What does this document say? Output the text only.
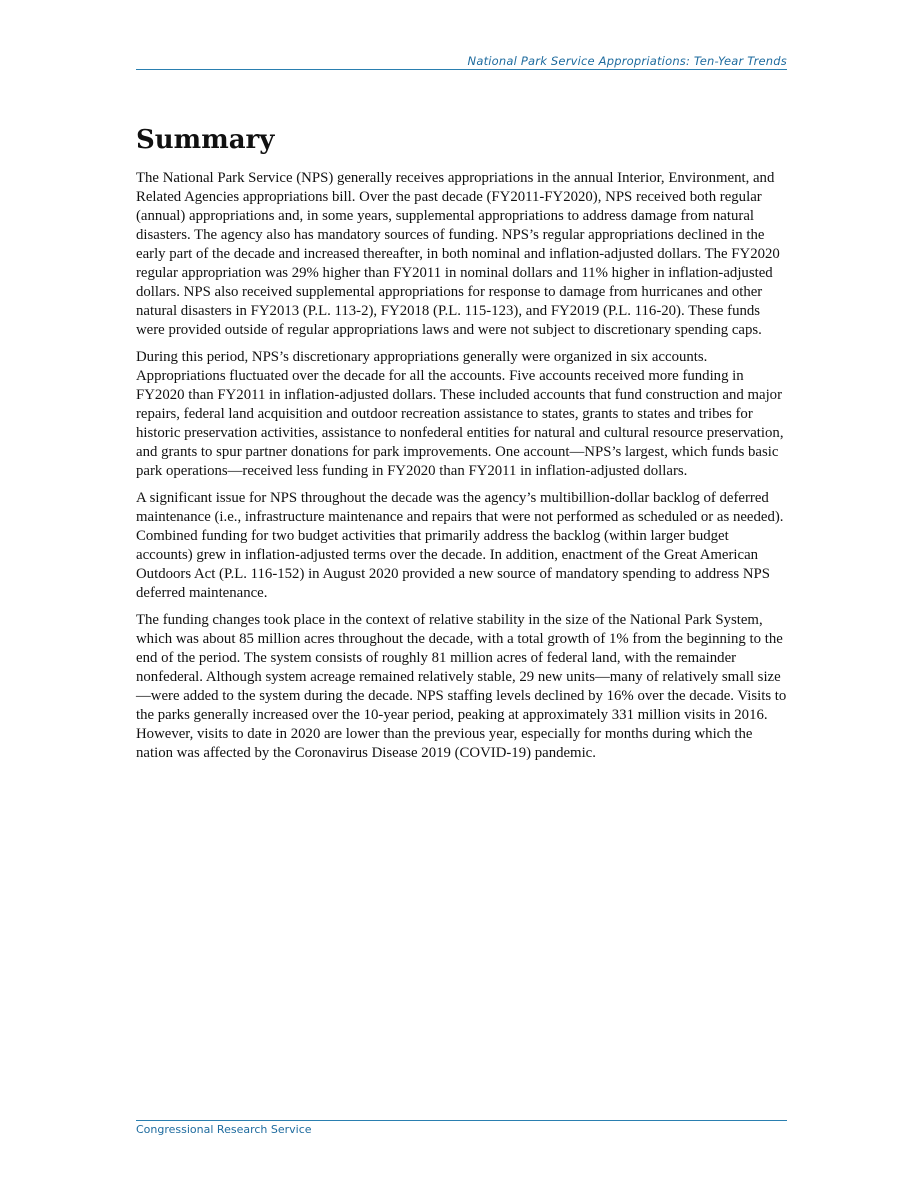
National Park Service Appropriations: Ten-Year Trends
Summary

The National Park Service (NPS) generally receives appropriations in the annual Interior, Environment, and Related Agencies appropriations bill. Over the past decade (FY2011-FY2020), NPS received both regular (annual) appropriations and, in some years, supplemental appropriations to address damage from natural disasters. The agency also has mandatory sources of funding. NPS’s regular appropriations declined in the early part of the decade and increased thereafter, in both nominal and inflation-adjusted dollars. The FY2020 regular appropriation was 29% higher than FY2011 in nominal dollars and 11% higher in inflation-adjusted dollars. NPS also received supplemental appropriations for response to damage from hurricanes and other natural disasters in FY2013 (P.L. 113-2), FY2018 (P.L. 115-123), and FY2019 (P.L. 116-20). These funds were provided outside of regular appropriations laws and were not subject to discretionary spending caps.

During this period, NPS’s discretionary appropriations generally were organized in six accounts. Appropriations fluctuated over the decade for all the accounts. Five accounts received more funding in FY2020 than FY2011 in inflation-adjusted dollars. These included accounts that fund construction and major repairs, federal land acquisition and outdoor recreation assistance to states, grants to states and tribes for historic preservation activities, assistance to nonfederal entities for natural and cultural resource preservation, and grants to spur partner donations for park improvements. One account—NPS’s largest, which funds basic park operations—received less funding in FY2020 than FY2011 in inflation-adjusted dollars.

A significant issue for NPS throughout the decade was the agency’s multibillion-dollar backlog of deferred maintenance (i.e., infrastructure maintenance and repairs that were not performed as scheduled or as needed). Combined funding for two budget activities that primarily address the backlog (within larger budget accounts) grew in inflation-adjusted terms over the decade. In addition, enactment of the Great American Outdoors Act (P.L. 116-152) in August 2020 provided a new source of mandatory spending to address NPS deferred maintenance.

The funding changes took place in the context of relative stability in the size of the National Park System, which was about 85 million acres throughout the decade, with a total growth of 1% from the beginning to the end of the period. The system consists of roughly 81 million acres of federal land, with the remainder nonfederal. Although system acreage remained relatively stable, 29 new units—many of relatively small size—were added to the system during the decade. NPS staffing levels declined by 16% over the decade. Visits to the parks generally increased over the 10-year period, peaking at approximately 331 million visits in 2016. However, visits to date in 2020 are lower than the previous year, especially for months during which the nation was affected by the Coronavirus Disease 2019 (COVID-19) pandemic.

Congressional Research Service
